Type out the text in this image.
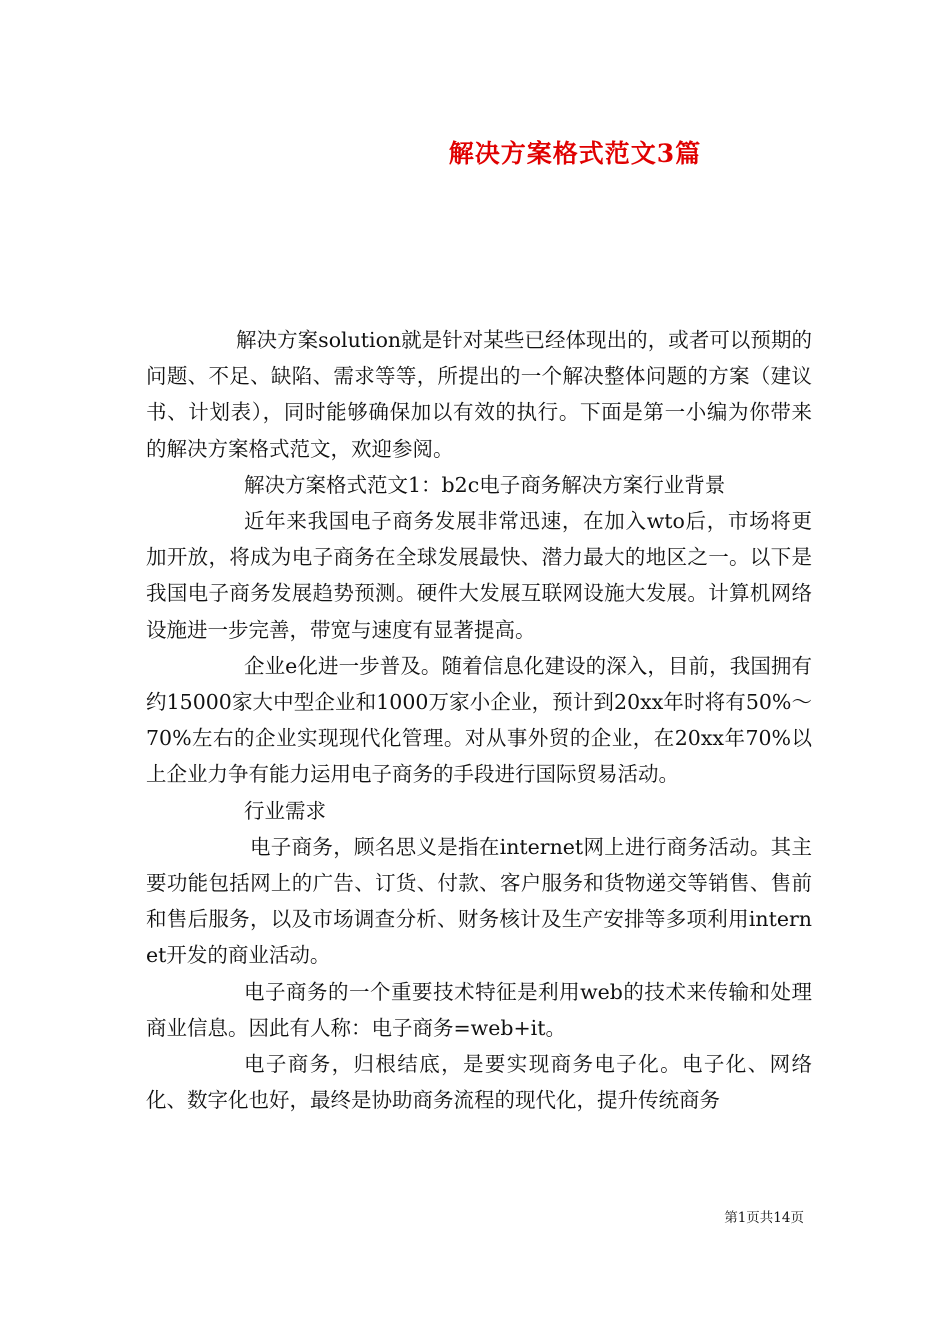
解决方案格式范文3篇

解决方案solution就是针对某些已经体现出的，或者可以预期的问题、不足、缺陷、需求等等，所提出的一个解决整体问题的方案（建议书、计划表），同时能够确保加以有效的执行。下面是第一小编为你带来的解决方案格式范文，欢迎参阅。

解决方案格式范文1：b2c电子商务解决方案行业背景

近年来我国电子商务发展非常迅速，在加入wto后，市场将更加开放，将成为电子商务在全球发展最快、潜力最大的地区之一。以下是我国电子商务发展趋势预测。硬件大发展互联网设施大发展。计算机网络设施进一步完善，带宽与速度有显著提高。

企业e化进一步普及。随着信息化建设的深入，目前，我国拥有约15000家大中型企业和1000万家小企业，预计到20xx年时将有50%～70%左右的企业实现现代化管理。对从事外贸的企业，在20xx年70%以上企业力争有能力运用电子商务的手段进行国际贸易活动。

行业需求

电子商务，顾名思义是指在internet网上进行商务活动。其主要功能包括网上的广告、订货、付款、客户服务和货物递交等销售、售前和售后服务，以及市场调查分析、财务核计及生产安排等多项利用internet开发的商业活动。

电子商务的一个重要技术特征是利用web的技术来传输和处理商业信息。因此有人称：电子商务=web+it。

电子商务，归根结底，是要实现商务电子化。电子化、网络化、数字化也好，最终是协助商务流程的现代化，提升传统商务

第1页共14页
